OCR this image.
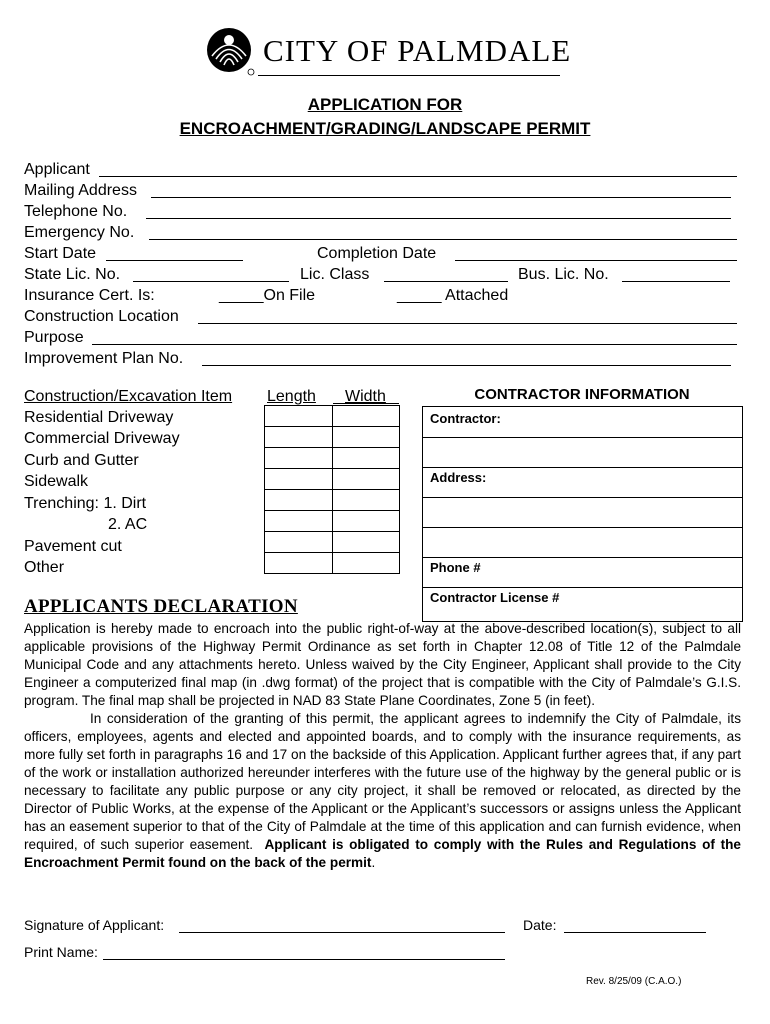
CITY OF PALMDALE
APPLICATION FOR
ENCROACHMENT/GRADING/LANDSCAPE PERMIT
Applicant
Mailing Address
Telephone No.
Emergency No.
Start Date	Completion Date
State Lic. No.	Lic. Class	Bus. Lic. No.
Insurance Cert. Is:	_____On File	_____ Attached
Construction Location
Purpose
Improvement Plan No.
Construction/Excavation Item Length Width

Residential Driveway
Commercial Driveway
Curb and Gutter
Sidewalk
Trenching: 1. Dirt
2. AC
Pavement cut
Other
CONTRACTOR INFORMATION
Contractor:
Address:
Phone #
Contractor License #
APPLICANTS DECLARATION

Application is hereby made to encroach into the public right-of-way at the above-described location(s), subject to all applicable provisions of the Highway Permit Ordinance as set forth in Chapter 12.08 of Title 12 of the Palmdale Municipal Code and any attachments hereto. Unless waived by the City Engineer, Applicant shall provide to the City Engineer a computerized final map (in .dwg format) of the project that is compatible with the City of Palmdale’s G.I.S. program. The final map shall be projected in NAD 83 State Plane Coordinates, Zone 5 (in feet).

In consideration of the granting of this permit, the applicant agrees to indemnify the City of Palmdale, its officers, employees, agents and elected and appointed boards, and to comply with the insurance requirements, as more fully set forth in paragraphs 16 and 17 on the backside of this Application. Applicant further agrees that, if any part of the work or installation authorized hereunder interferes with the future use of the highway by the general public or is necessary to facilitate any public purpose or any city project, it shall be removed or relocated, as directed by the Director of Public Works, at the expense of the Applicant or the Applicant’s successors or assigns unless the Applicant has an easement superior to that of the City of Palmdale at the time of this application and can furnish evidence, when required, of such superior easement. Applicant is obligated to comply with the Rules and Regulations of the Encroachment Permit found on the back of the permit.

Signature of Applicant:	Date:
Print Name:
Rev. 8/25/09 (C.A.O.)
